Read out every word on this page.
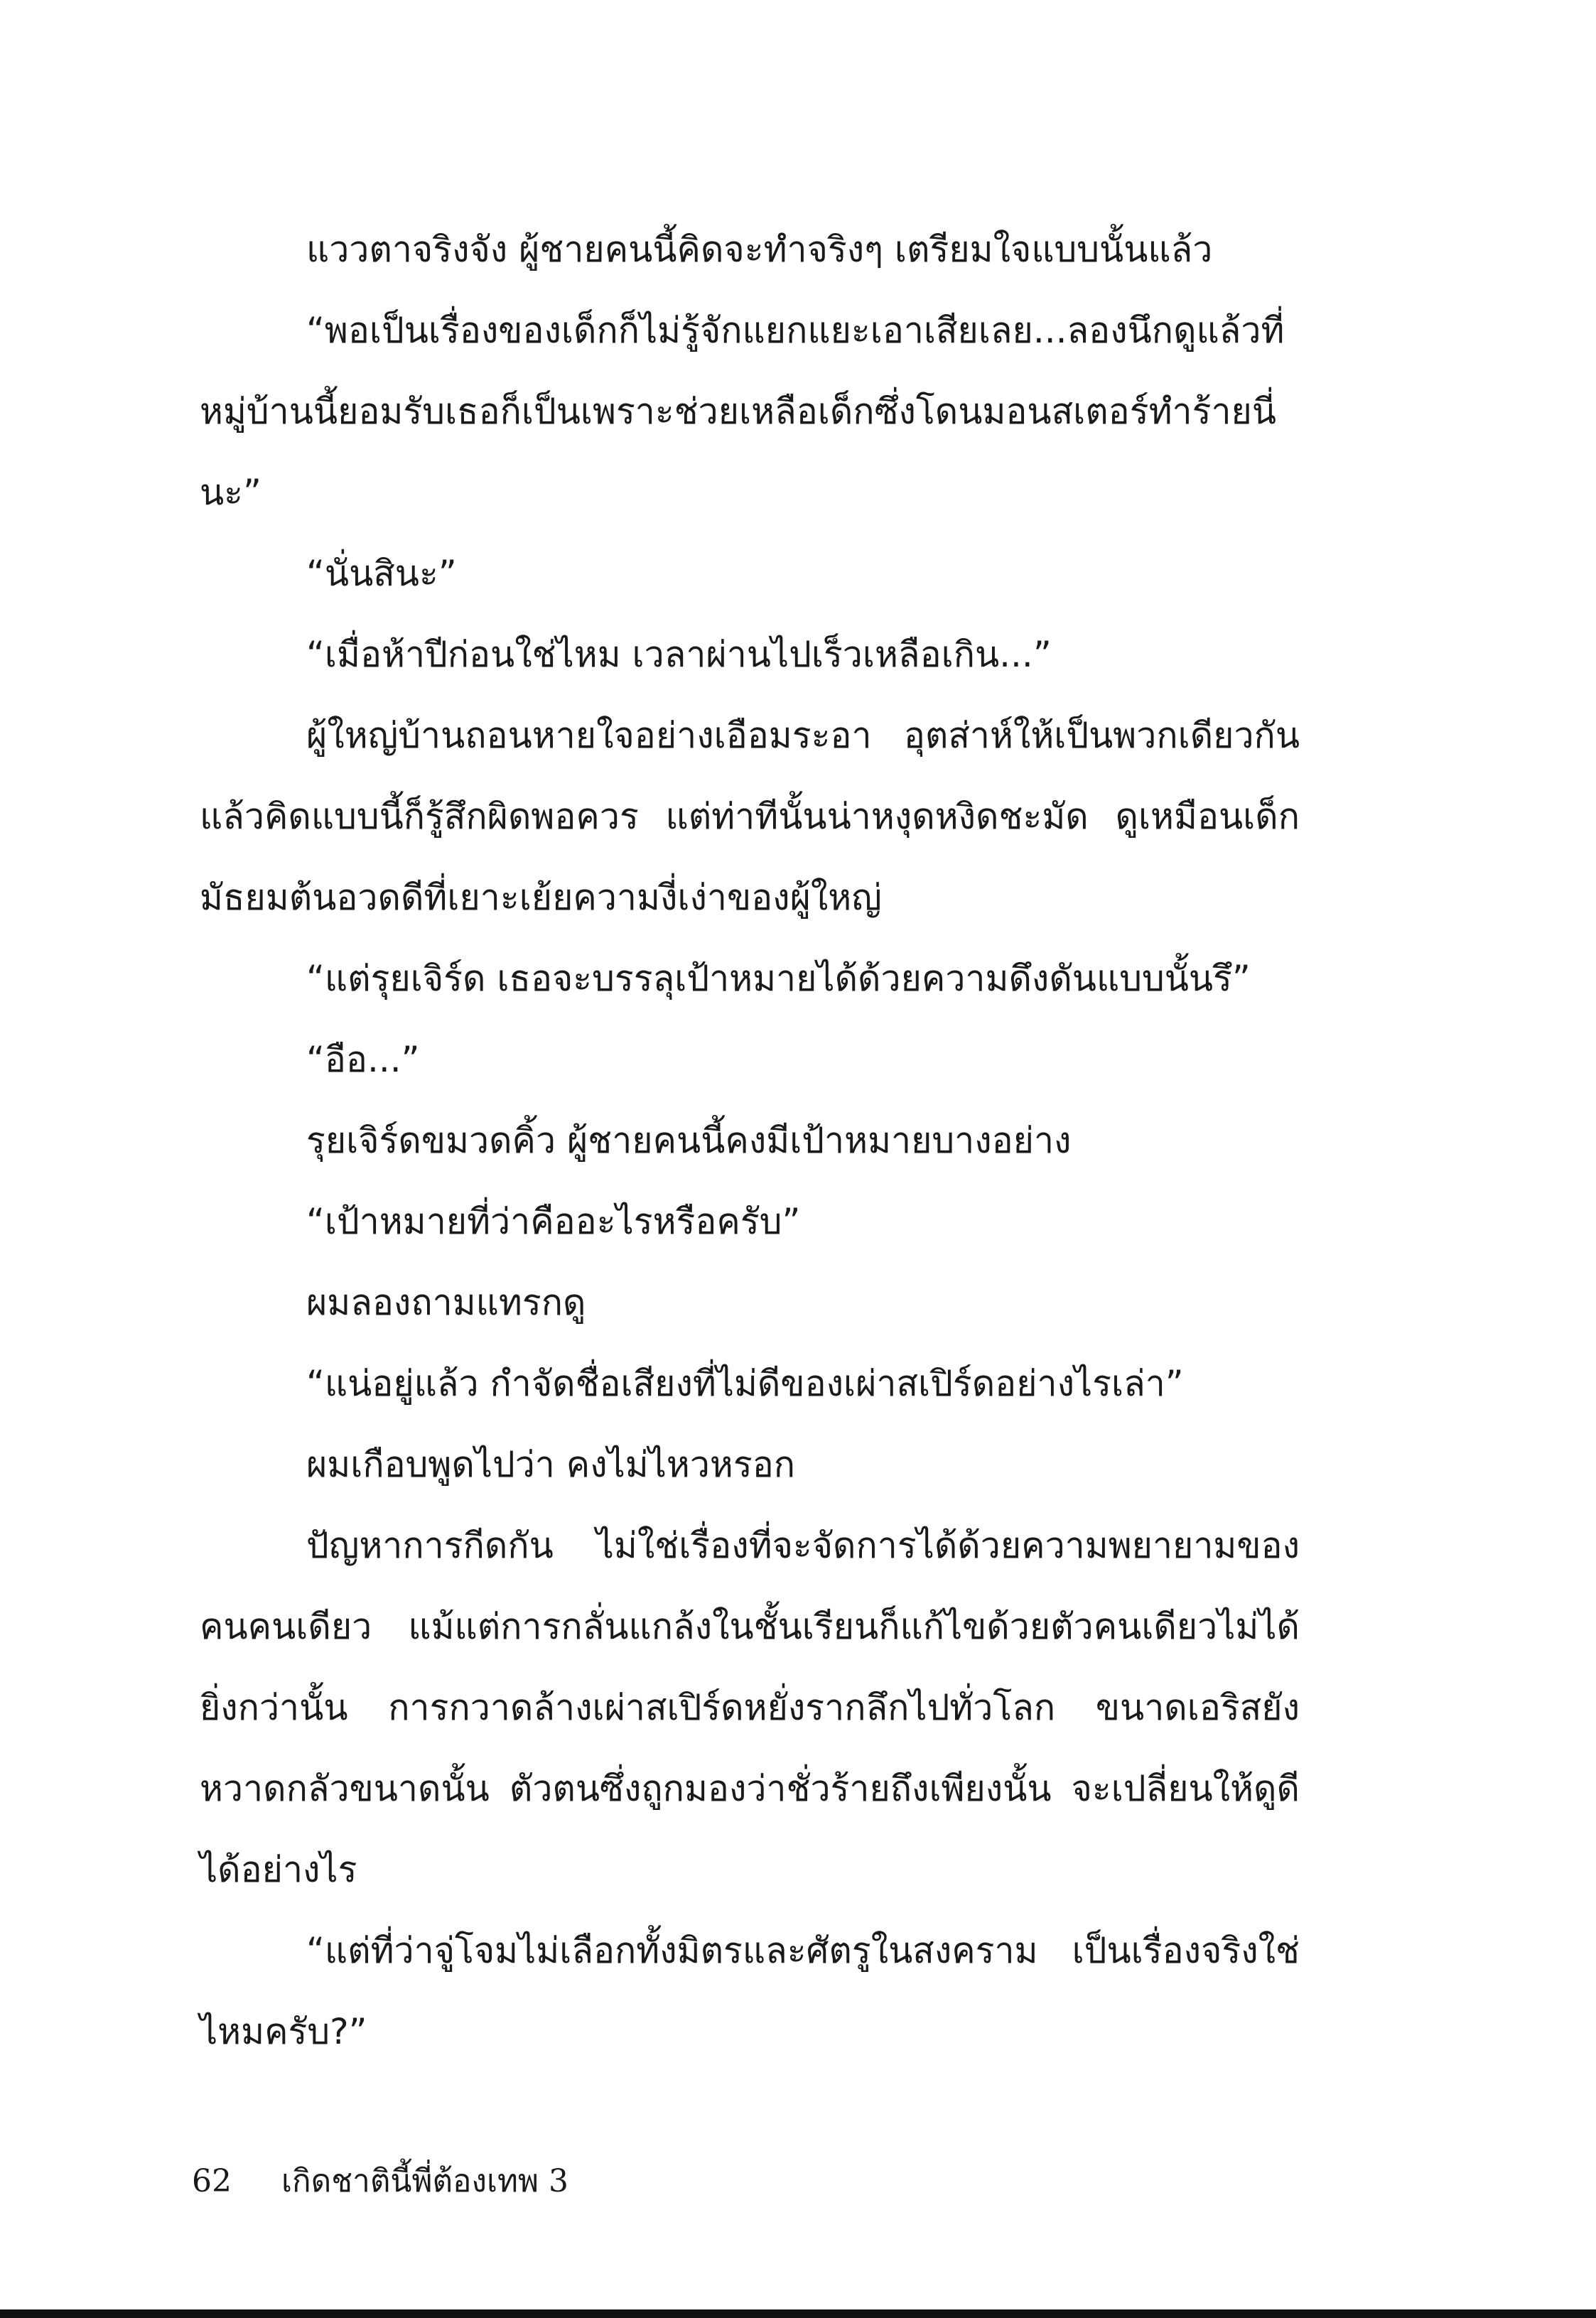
แววตาจริงจัง ผู้ชายคนนี้คิดจะทำจริงๆ เตรียมใจแบบนั้นแล้ว

“พอเป็นเรื่องของเด็กก็ไม่รู้จักแยกแยะเอาเสียเลย...ลองนึกดูแล้วที่หมู่บ้านนี้ยอมรับเธอก็เป็นเพราะช่วยเหลือเด็กซึ่งโดนมอนสเตอร์ทำร้ายนี่นะ”

“นั่นสินะ”

“เมื่อห้าปีก่อนใช่ไหม เวลาผ่านไปเร็วเหลือเกิน...”

ผู้ใหญ่บ้านถอนหายใจอย่างเอือมระอา อุตส่าห์ให้เป็นพวกเดียวกันแล้วคิดแบบนี้ก็รู้สึกผิดพอควร แต่ท่าทีนั้นน่าหงุดหงิดชะมัด ดูเหมือนเด็กมัธยมต้นอวดดีที่เยาะเย้ยความงี่เง่าของผู้ใหญ่

“แต่รุยเจิร์ด เธอจะบรรลุเป้าหมายได้ด้วยความดึงดันแบบนั้นรึ”

“อือ...”

รุยเจิร์ดขมวดคิ้ว ผู้ชายคนนี้คงมีเป้าหมายบางอย่าง

“เป้าหมายที่ว่าคืออะไรหรือครับ”

ผมลองถามแทรกดู

“แน่อยู่แล้ว กำจัดชื่อเสียงที่ไม่ดีของเผ่าสเปิร์ดอย่างไรเล่า”

ผมเกือบพูดไปว่า คงไม่ไหวหรอก

ปัญหาการกีดกัน ไม่ใช่เรื่องที่จะจัดการได้ด้วยความพยายามของคนคนเดียว แม้แต่การกลั่นแกล้งในชั้นเรียนก็แก้ไขด้วยตัวคนเดียวไม่ได้ ยิ่งกว่านั้น การกวาดล้างเผ่าสเปิร์ดหยั่งรากลึกไปทั่วโลก ขนาดเอริสยังหวาดกลัวขนาดนั้น ตัวตนซึ่งถูกมองว่าชั่วร้ายถึงเพียงนั้น จะเปลี่ยนให้ดูดีได้อย่างไร

“แต่ที่ว่าจู่โจมไม่เลือกทั้งมิตรและศัตรูในสงคราม เป็นเรื่องจริงใช่ไหมครับ?”

62 เกิดชาตินี้พี่ต้องเทพ 3
